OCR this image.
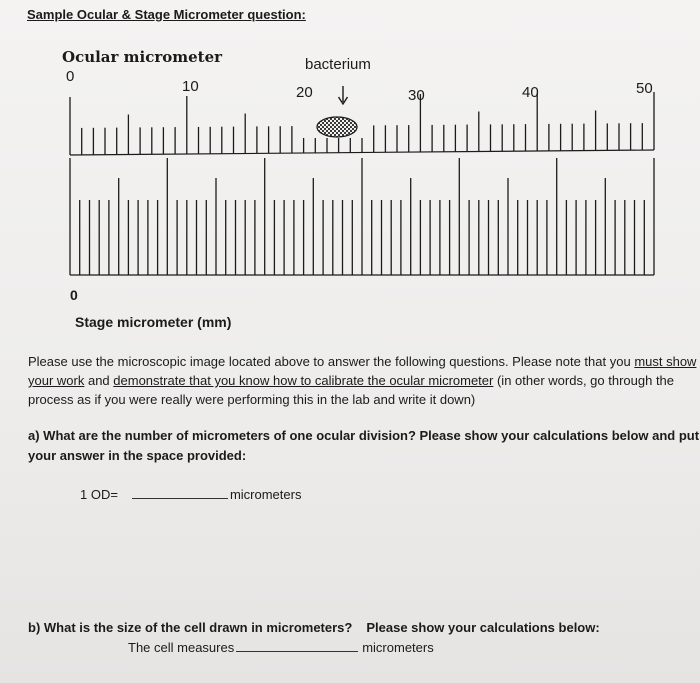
Sample Ocular & Stage Micrometer question:
Ocular micrometer	bacterium
0
10	20	30	40	50
0
Stage micrometer (mm)
Please use the microscopic image located above to answer the following questions. Please note that you must show your work and demonstrate that you know how to calibrate the ocular micrometer (in other words, go through the process as if you were really were performing this in the lab and write it down)
a) What are the number of micrometers of one ocular division? Please show your calculations below and put your answer in the space provided:
1 OD=	micrometers
b) What is the size of the cell drawn in micrometers? Please show your calculations below:
The cell measures	micrometers
